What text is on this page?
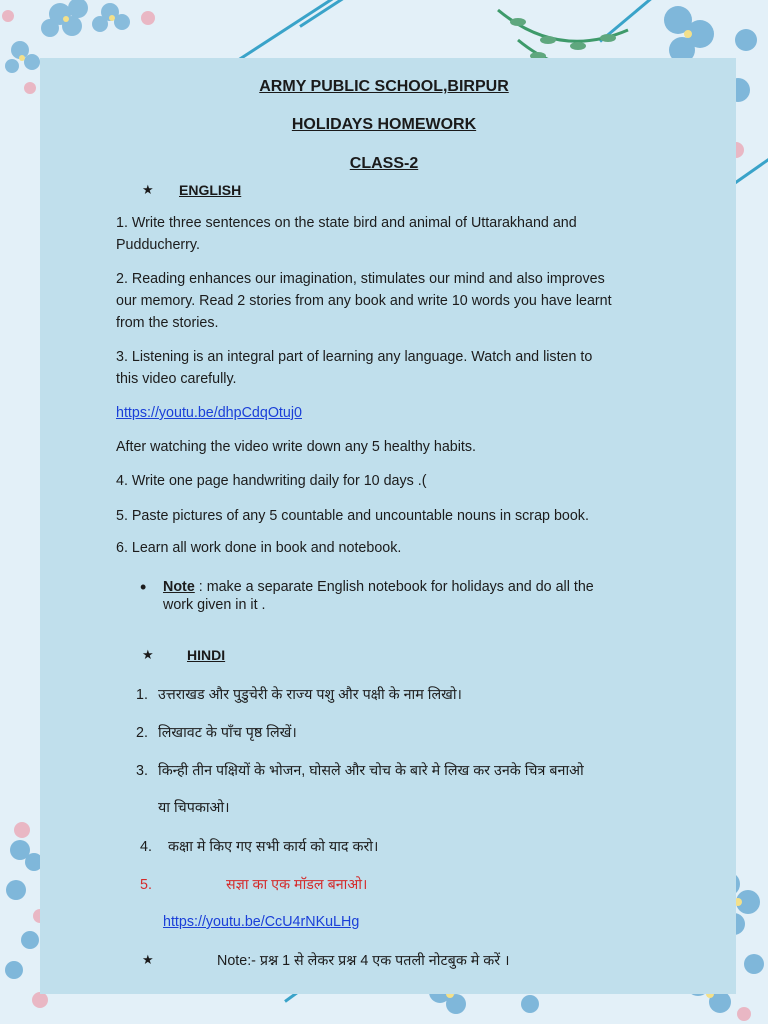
ARMY PUBLIC SCHOOL,BIRPUR
HOLIDAYS HOMEWORK
CLASS-2
★ ENGLISH
1. Write three sentences on the state bird and animal of Uttarakhand and
Pudducherry.
2. Reading enhances our imagination, stimulates our mind and also improves
our memory. Read 2 stories from any book and write 10 words you have learnt
from the stories.
3. Listening is an integral part of learning any language. Watch and listen to
this video carefully.
https://youtu.be/dhpCdqOtuj0
After watching the video write down any 5 healthy habits.
4. Write one page handwriting daily for 10 days .(
5. Paste pictures of any 5 countable and uncountable nouns in scrap book.
6. Learn all work done in book and notebook.
• Note : make a separate English notebook for holidays and do all the
work given in it .
★ HINDI
1. उत्तराखड और पुडुचेरी के राज्य पशु और पक्षी के नाम लिखो।
2. लिखावट के पाँच पृष्ठ लिखें।
3. किन्ही तीन पक्षियों के भोजन, घोसले और चोच के बारे मे लिख कर उनके चित्र बनाओ
या चिपकाओ।
4. कक्षा मे किए गए सभी कार्य को याद करो।
5.	सज्ञा का एक मॉडल बनाओ।
https://youtu.be/CcU4rNKuLHg
★	Note:- प्रश्न 1 से लेकर प्रश्न 4 एक पतली नोटबुक मे करें ।
